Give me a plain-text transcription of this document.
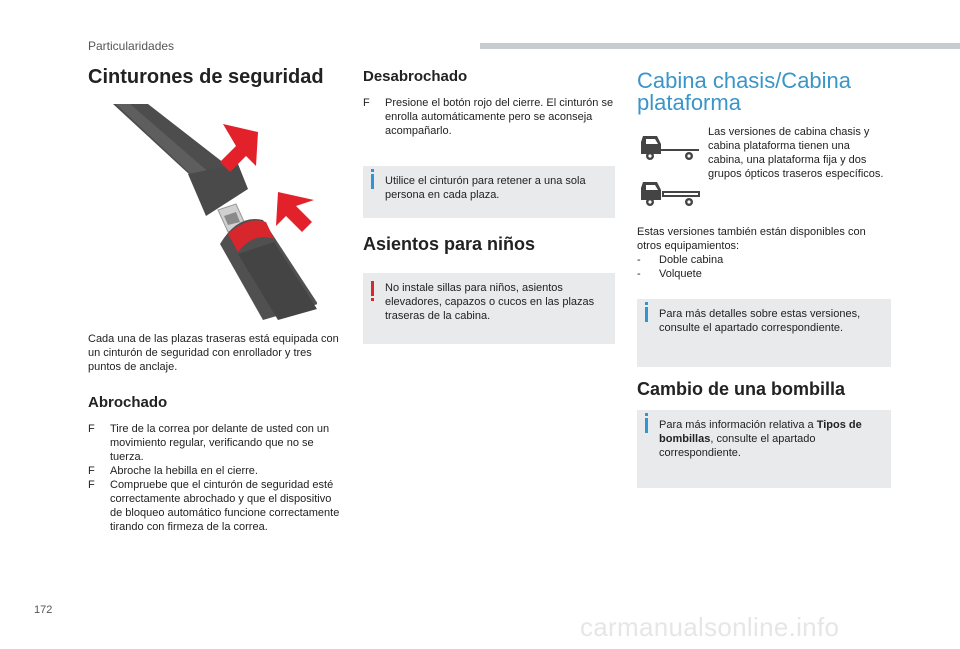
Particularidades
Cinturones de seguridad
Cada una de las plazas traseras está equipada con un cinturón de seguridad con enrollador y tres puntos de anclaje.
Abrochado
F Tire de la correa por delante de usted con un movimiento regular, verificando que no se tuerza.
F Abroche la hebilla en el cierre.
F Compruebe que el cinturón de seguridad esté correctamente abrochado y que el dispositivo de bloqueo automático funcione correctamente tirando con firmeza de la correa.
Desabrochado
F Presione el botón rojo del cierre. El cinturón se enrolla automáticamente pero se aconseja acompañarlo.
Utilice el cinturón para retener a una sola persona en cada plaza.
Asientos para niños
No instale sillas para niños, asientos elevadores, capazos o cucos en las plazas traseras de la cabina.
Cabina chasis/Cabina plataforma
Las versiones de cabina chasis y cabina plataforma tienen una cabina, una plataforma fija y dos grupos ópticos traseros específicos.
Estas versiones también están disponibles con otros equipamientos:
- Doble cabina
- Volquete
Para más detalles sobre estas versiones, consulte el apartado correspondiente.
Cambio de una bombilla
Para más información relativa a Tipos de bombillas, consulte el apartado correspondiente.
172
carmanualsonline.info
